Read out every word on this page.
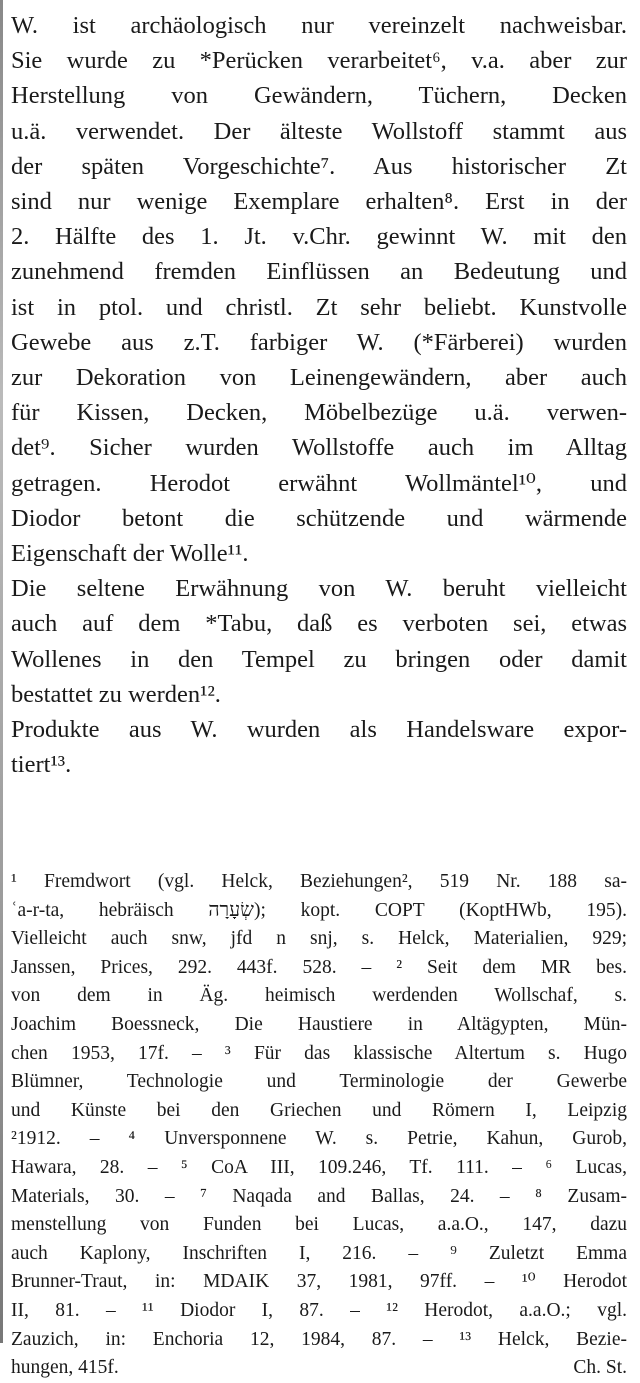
W. ist archäologisch nur vereinzelt nachweisbar.
Sie wurde zu *Perücken verarbeitet⁶, v.a. aber zur
Herstellung von Gewändern, Tüchern, Decken
u.ä. verwendet. Der älteste Wollstoff stammt aus
der späten Vorgeschichte⁷. Aus historischer Zt
sind nur wenige Exemplare erhalten⁸. Erst in der
2. Hälfte des 1. Jt. v.Chr. gewinnt W. mit den
zunehmend fremden Einflüssen an Bedeutung und
ist in ptol. und christl. Zt sehr beliebt. Kunstvolle
Gewebe aus z.T. farbiger W. (*Färberei) wurden
zur Dekoration von Leinengewändern, aber auch
für Kissen, Decken, Möbelbezüge u.ä. verwen-
det⁹. Sicher wurden Wollstoffe auch im Alltag
getragen. Herodot erwähnt Wollmäntel¹⁰, und
Diodor betont die schützende und wärmende
Eigenschaft der Wolle¹¹.
Die seltene Erwähnung von W. beruht vielleicht
auch auf dem *Tabu, daß es verboten sei, etwas
Wollenes in den Tempel zu bringen oder damit
bestattet zu werden¹².
Produkte aus W. wurden als Handelsware expor-
tiert¹³.
¹ Fremdwort (vgl. Helck, Beziehungen², 519 Nr. 188 sa-
ʿa-r-ta, hebräisch שְׂעָרָה); kopt. COPT (KoptHWb, 195).
Vielleicht auch snw, jfd n snj, s. Helck, Materialien, 929;
Janssen, Prices, 292. 443f. 528. – ² Seit dem MR bes.
von dem in Äg. heimisch werdenden Wollschaf, s.
Joachim Boessneck, Die Haustiere in Altägypten, Mün-
chen 1953, 17f. – ³ Für das klassische Altertum s. Hugo
Blümner, Technologie und Terminologie der Gewerbe
und Künste bei den Griechen und Römern I, Leipzig
²1912. – ⁴ Unversponnene W. s. Petrie, Kahun, Gurob,
Hawara, 28. – ⁵ CoA III, 109.246, Tf. 111. – ⁶ Lucas,
Materials, 30. – ⁷ Naqada and Ballas, 24. – ⁸ Zusam-
menstellung von Funden bei Lucas, a.a.O., 147, dazu
auch Kaplony, Inschriften I, 216. – ⁹ Zuletzt Emma
Brunner-Traut, in: MDAIK 37, 1981, 97ff. – ¹⁰ Herodot
II, 81. – ¹¹ Diodor I, 87. – ¹² Herodot, a.a.O.; vgl.
Zauzich, in: Enchoria 12, 1984, 87. – ¹³ Helck, Bezie-
hungen, 415f.	Ch. St.
